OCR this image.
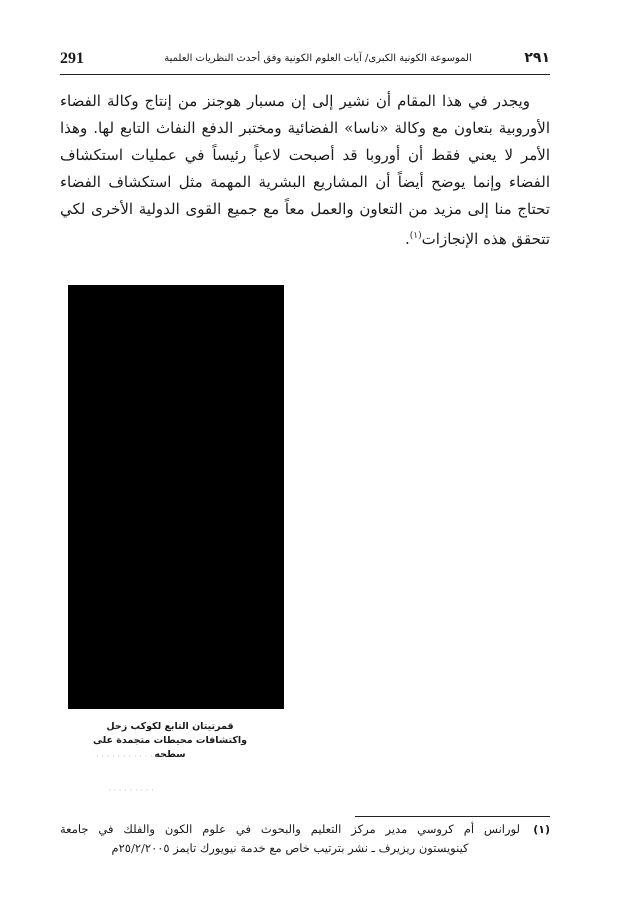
291	الموسوعة الكونية الكبرى/ آيات العلوم الكونية وفق أحدث النظريات العلمية	٢٩١

ويجدر في هذا المقام أن نشير إلى إن مسبار هوجنز من إنتاج وكالة الفضاء الأوروبية بتعاون مع وكالة «ناسا» الفضائية ومختبر الدفع النفاث التابع لها. وهذا الأمر لا يعني فقط أن أوروبا قد أصبحت لاعباً رئيساً في عمليات استكشاف الفضاء وإنما يوضح أيضاً أن المشاريع البشرية المهمة مثل استكشاف الفضاء تحتاج منا إلى مزيد من التعاون والعمل معاً مع جميع القوى الدولية الأخرى لكي تتحقق هذه الإنجازات$^{(١)}$.

قمرتيتان التابع لكوكب زحل
واكتشافات محيطات متجمدة على سطحه
· · · · · · · · · · · · ·
· · · · · · · · ·
(١)
لورانس أم كروسي مدير مركز التعليم والبحوث في علوم الكون والفلك في جامعة
كينويستون ريزيرف ـ نشر بترتيب خاص مع خدمة نيويورك تايمز ٢٥/٢/٢٠٠٥م
